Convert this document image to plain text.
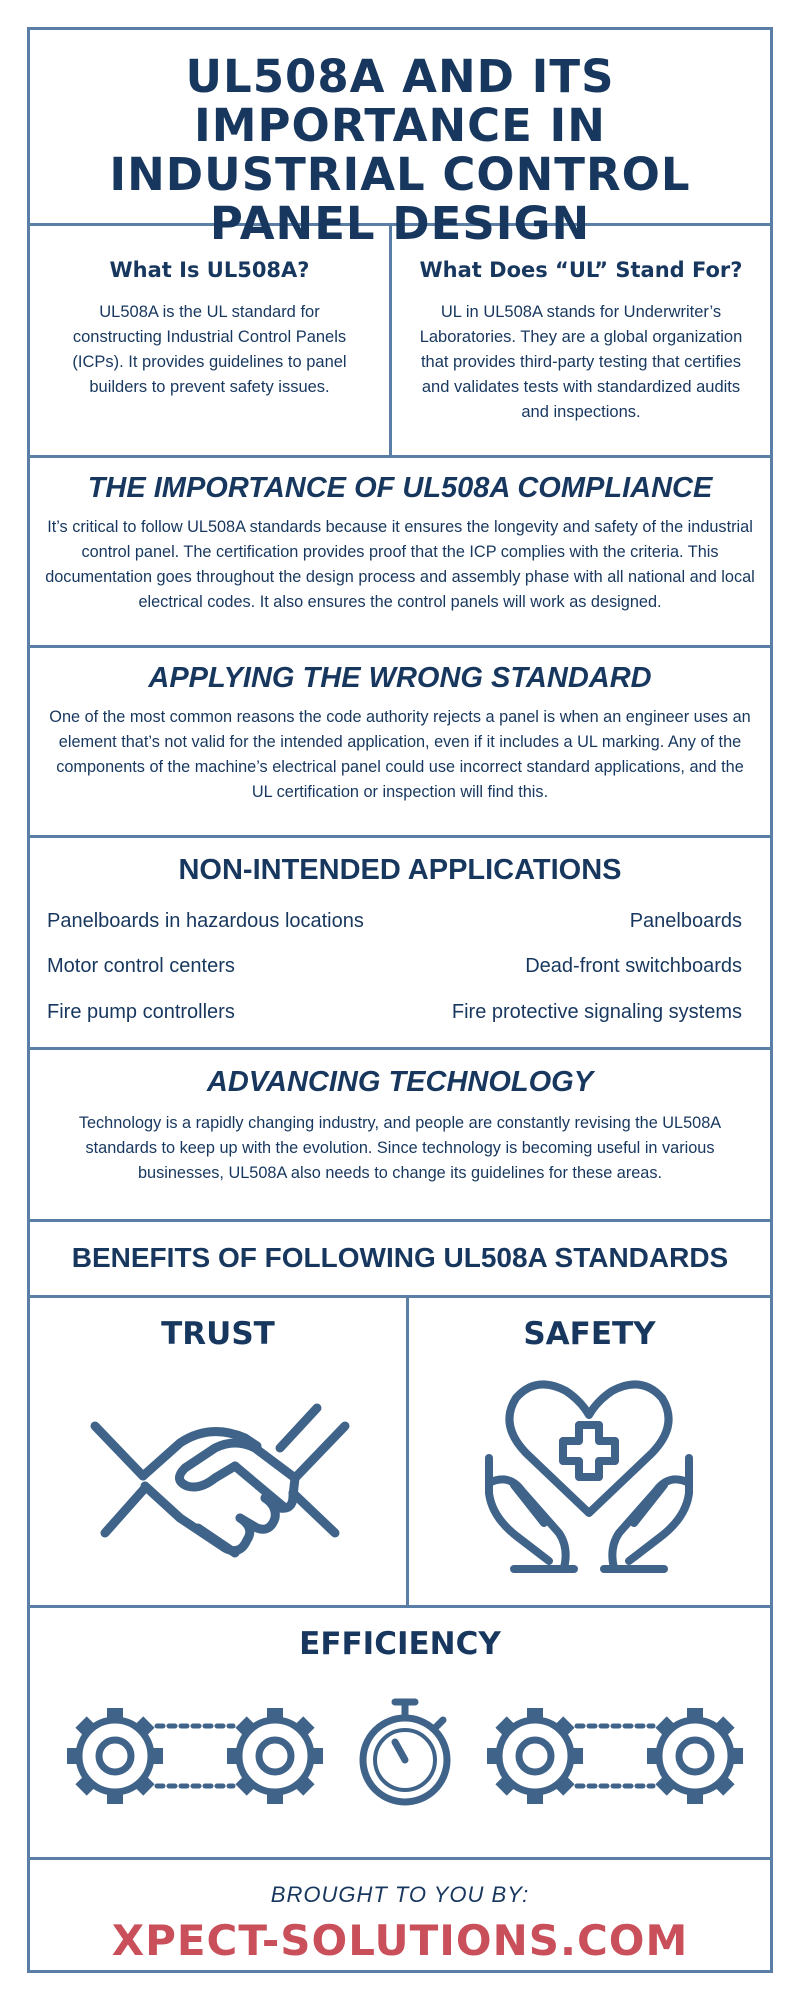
UL508A AND ITS IMPORTANCE IN INDUSTRIAL CONTROL PANEL DESIGN
What Is UL508A?

UL508A is the UL standard for constructing Industrial Control Panels (ICPs). It provides guidelines to panel builders to prevent safety issues.

What Does “UL” Stand For?

UL in UL508A stands for Underwriter’s Laboratories. They are a global organization that provides third-party testing that certifies and validates tests with standardized audits and inspections.

THE IMPORTANCE OF UL508A COMPLIANCE
It’s critical to follow UL508A standards because it ensures the longevity and safety of the industrial control panel. The certification provides proof that the ICP complies with the criteria. This documentation goes throughout the design process and assembly phase with all national and local electrical codes. It also ensures the control panels will work as designed.
APPLYING THE WRONG STANDARD
One of the most common reasons the code authority rejects a panel is when an engineer uses an element that’s not valid for the intended application, even if it includes a UL marking. Any of the components of the machine’s electrical panel could use incorrect standard applications, and the UL certification or inspection will find this.
NON-INTENDED APPLICATIONS
Panelboards in hazardous locations
Motor control centers
Fire pump controllers
Panelboards
Dead-front switchboards
Fire protective signaling systems
ADVANCING TECHNOLOGY
Technology is a rapidly changing industry, and people are constantly revising the UL508A standards to keep up with the evolution. Since technology is becoming useful in various businesses, UL508A also needs to change its guidelines for these areas.
BENEFITS OF FOLLOWING UL508A STANDARDS
TRUST	SAFETY
EFFICIENCY
BROUGHT TO YOU BY:
XPECT-SOLUTIONS.COM
